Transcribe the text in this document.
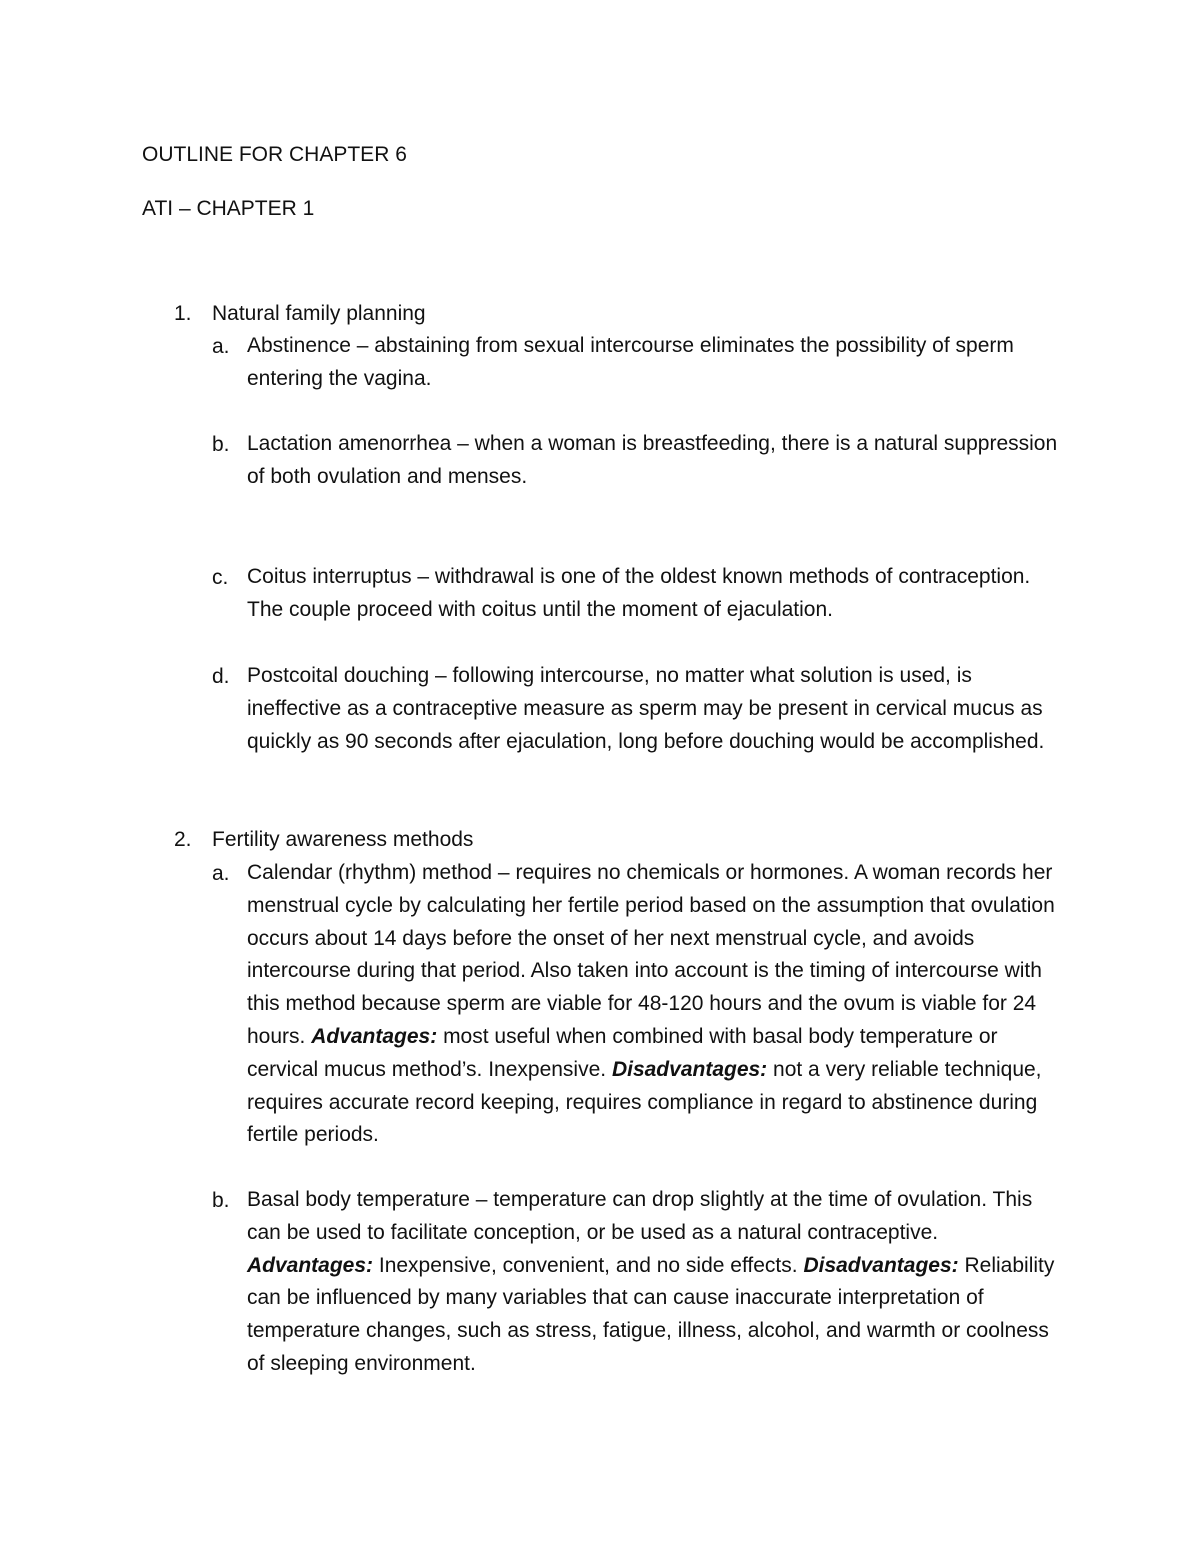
OUTLINE FOR CHAPTER 6
ATI – CHAPTER 1
1. Natural family planning
a. Abstinence – abstaining from sexual intercourse eliminates the possibility of sperm entering the vagina.
b. Lactation amenorrhea – when a woman is breastfeeding, there is a natural suppression of both ovulation and menses.
c. Coitus interruptus – withdrawal is one of the oldest known methods of contraception. The couple proceed with coitus until the moment of ejaculation.
d. Postcoital douching – following intercourse, no matter what solution is used, is ineffective as a contraceptive measure as sperm may be present in cervical mucus as quickly as 90 seconds after ejaculation, long before douching would be accomplished.
2. Fertility awareness methods
a. Calendar (rhythm) method – requires no chemicals or hormones. A woman records her menstrual cycle by calculating her fertile period based on the assumption that ovulation occurs about 14 days before the onset of her next menstrual cycle, and avoids intercourse during that period. Also taken into account is the timing of intercourse with this method because sperm are viable for 48-120 hours and the ovum is viable for 24 hours. Advantages: most useful when combined with basal body temperature or cervical mucus method’s. Inexpensive. Disadvantages: not a very reliable technique, requires accurate record keeping, requires compliance in regard to abstinence during fertile periods.
b. Basal body temperature – temperature can drop slightly at the time of ovulation. This can be used to facilitate conception, or be used as a natural contraceptive. Advantages: Inexpensive, convenient, and no side effects. Disadvantages: Reliability can be influenced by many variables that can cause inaccurate interpretation of temperature changes, such as stress, fatigue, illness, alcohol, and warmth or coolness of sleeping environment.
